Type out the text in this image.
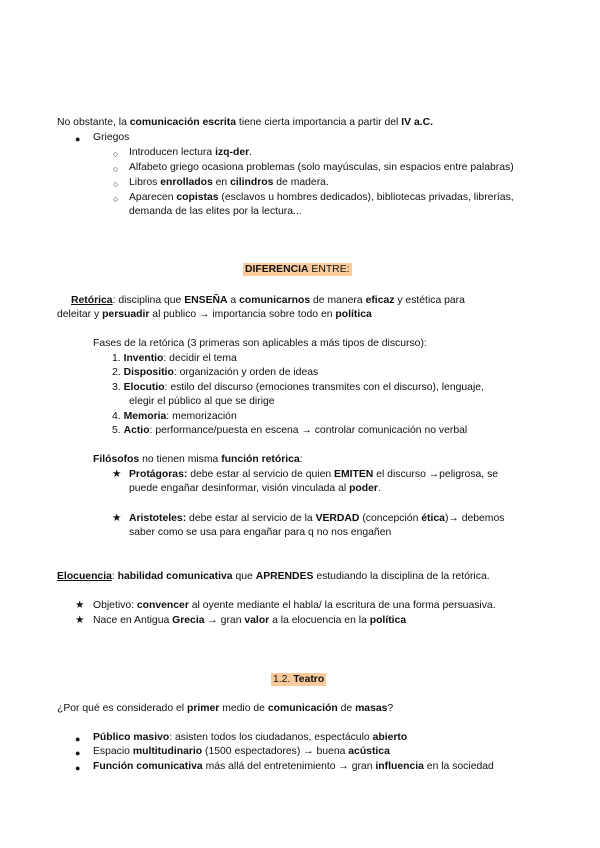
No obstante, la comunicación escrita tiene cierta importancia a partir del IV a.C.
● Griegos
○ Introducen lectura izq-der.
○ Alfabeto griego ocasiona problemas (solo mayúsculas, sin espacios entre palabras)
○ Libros enrollados en cilindros de madera.
○ Aparecen copistas (esclavos u hombres dedicados), bibliotecas privadas, librerías,
demanda de las elites por la lectura...
DIFERENCIA ENTRE:
Retórica: disciplina que ENSEÑA a comunicarnos de manera eficaz y estética para
deleitar y persuadir al publico → importancia sobre todo en política
Fases de la retórica (3 primeras son aplicables a más tipos de discurso):
1. Inventio: decidir el tema
2. Dispositio: organización y orden de ideas
3. Elocutio: estilo del discurso (emociones transmites con el discurso), lenguaje,
elegir el público al que se dirige
4. Memoria: memorización
5. Actio: performance/puesta en escena → controlar comunicación no verbal
Filósofos no tienen misma función retórica:
★ Protágoras: debe estar al servicio de quien EMITEN el discurso →peligrosa, se
puede engañar desinformar, visión vinculada al poder.
★ Aristoteles: debe estar al servicio de la VERDAD (concepción ética)→ debemos
saber como se usa para engañar para q no nos engañen
Elocuencia: habilidad comunicativa que APRENDES estudiando la disciplina de la retórica.
★ Objetivo: convencer al oyente mediante el habla/ la escritura de una forma persuasiva.
★ Nace en Antigua Grecia → gran valor a la elocuencia en la política
1.2. Teatro
¿Por qué es considerado el primer medio de comunicación de masas?
● Público masivo: asisten todos los ciudadanos, espectáculo abierto
● Espacio multitudinario (1500 espectadores) → buena acústica
● Función comunicativa más allá del entretenimiento → gran influencia en la sociedad
